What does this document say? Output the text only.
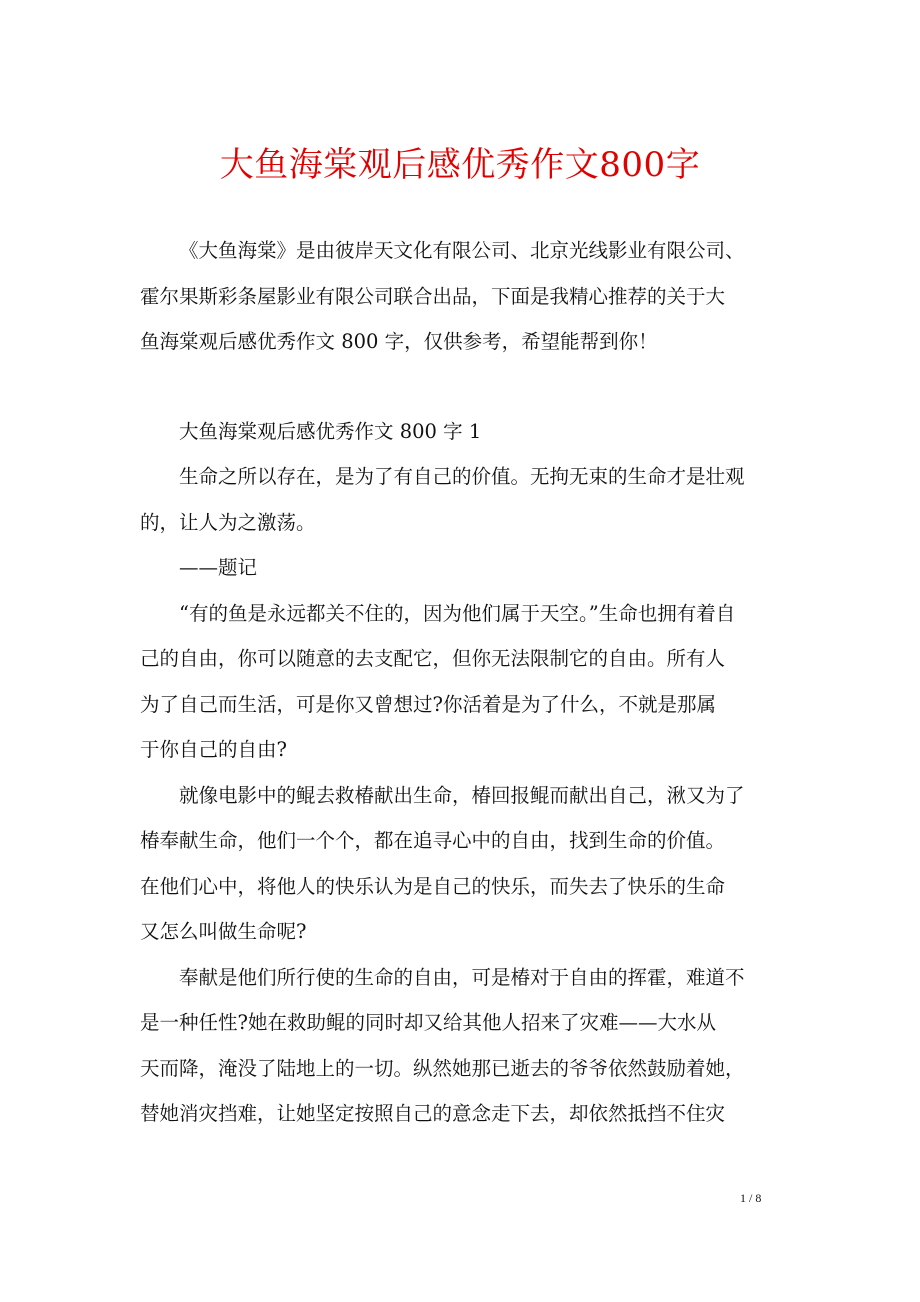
大鱼海棠观后感优秀作文800字

《大鱼海棠》是由彼岸天文化有限公司、北京光线影业有限公司、
霍尔果斯彩条屋影业有限公司联合出品，下面是我精心推荐的关于大
鱼海棠观后感优秀作文 800 字，仅供参考，希望能帮到你！

大鱼海棠观后感优秀作文 800 字 1

生命之所以存在，是为了有自己的价值。无拘无束的生命才是壮观
的，让人为之激荡。

——题记

“有的鱼是永远都关不住的，因为他们属于天空。”生命也拥有着自
己的自由，你可以随意的去支配它，但你无法限制它的自由。所有人
为了自己而生活，可是你又曾想过?你活着是为了什么，不就是那属
于你自己的自由?

就像电影中的鲲去救椿献出生命，椿回报鲲而献出自己，湫又为了
椿奉献生命，他们一个个，都在追寻心中的自由，找到生命的价值。
在他们心中，将他人的快乐认为是自己的快乐，而失去了快乐的生命
又怎么叫做生命呢?

奉献是他们所行使的生命的自由，可是椿对于自由的挥霍，难道不
是一种任性?她在救助鲲的同时却又给其他人招来了灾难——大水从
天而降，淹没了陆地上的一切。纵然她那已逝去的爷爷依然鼓励着她，
替她消灾挡难，让她坚定按照自己的意念走下去，却依然抵挡不住灾

1 / 8
